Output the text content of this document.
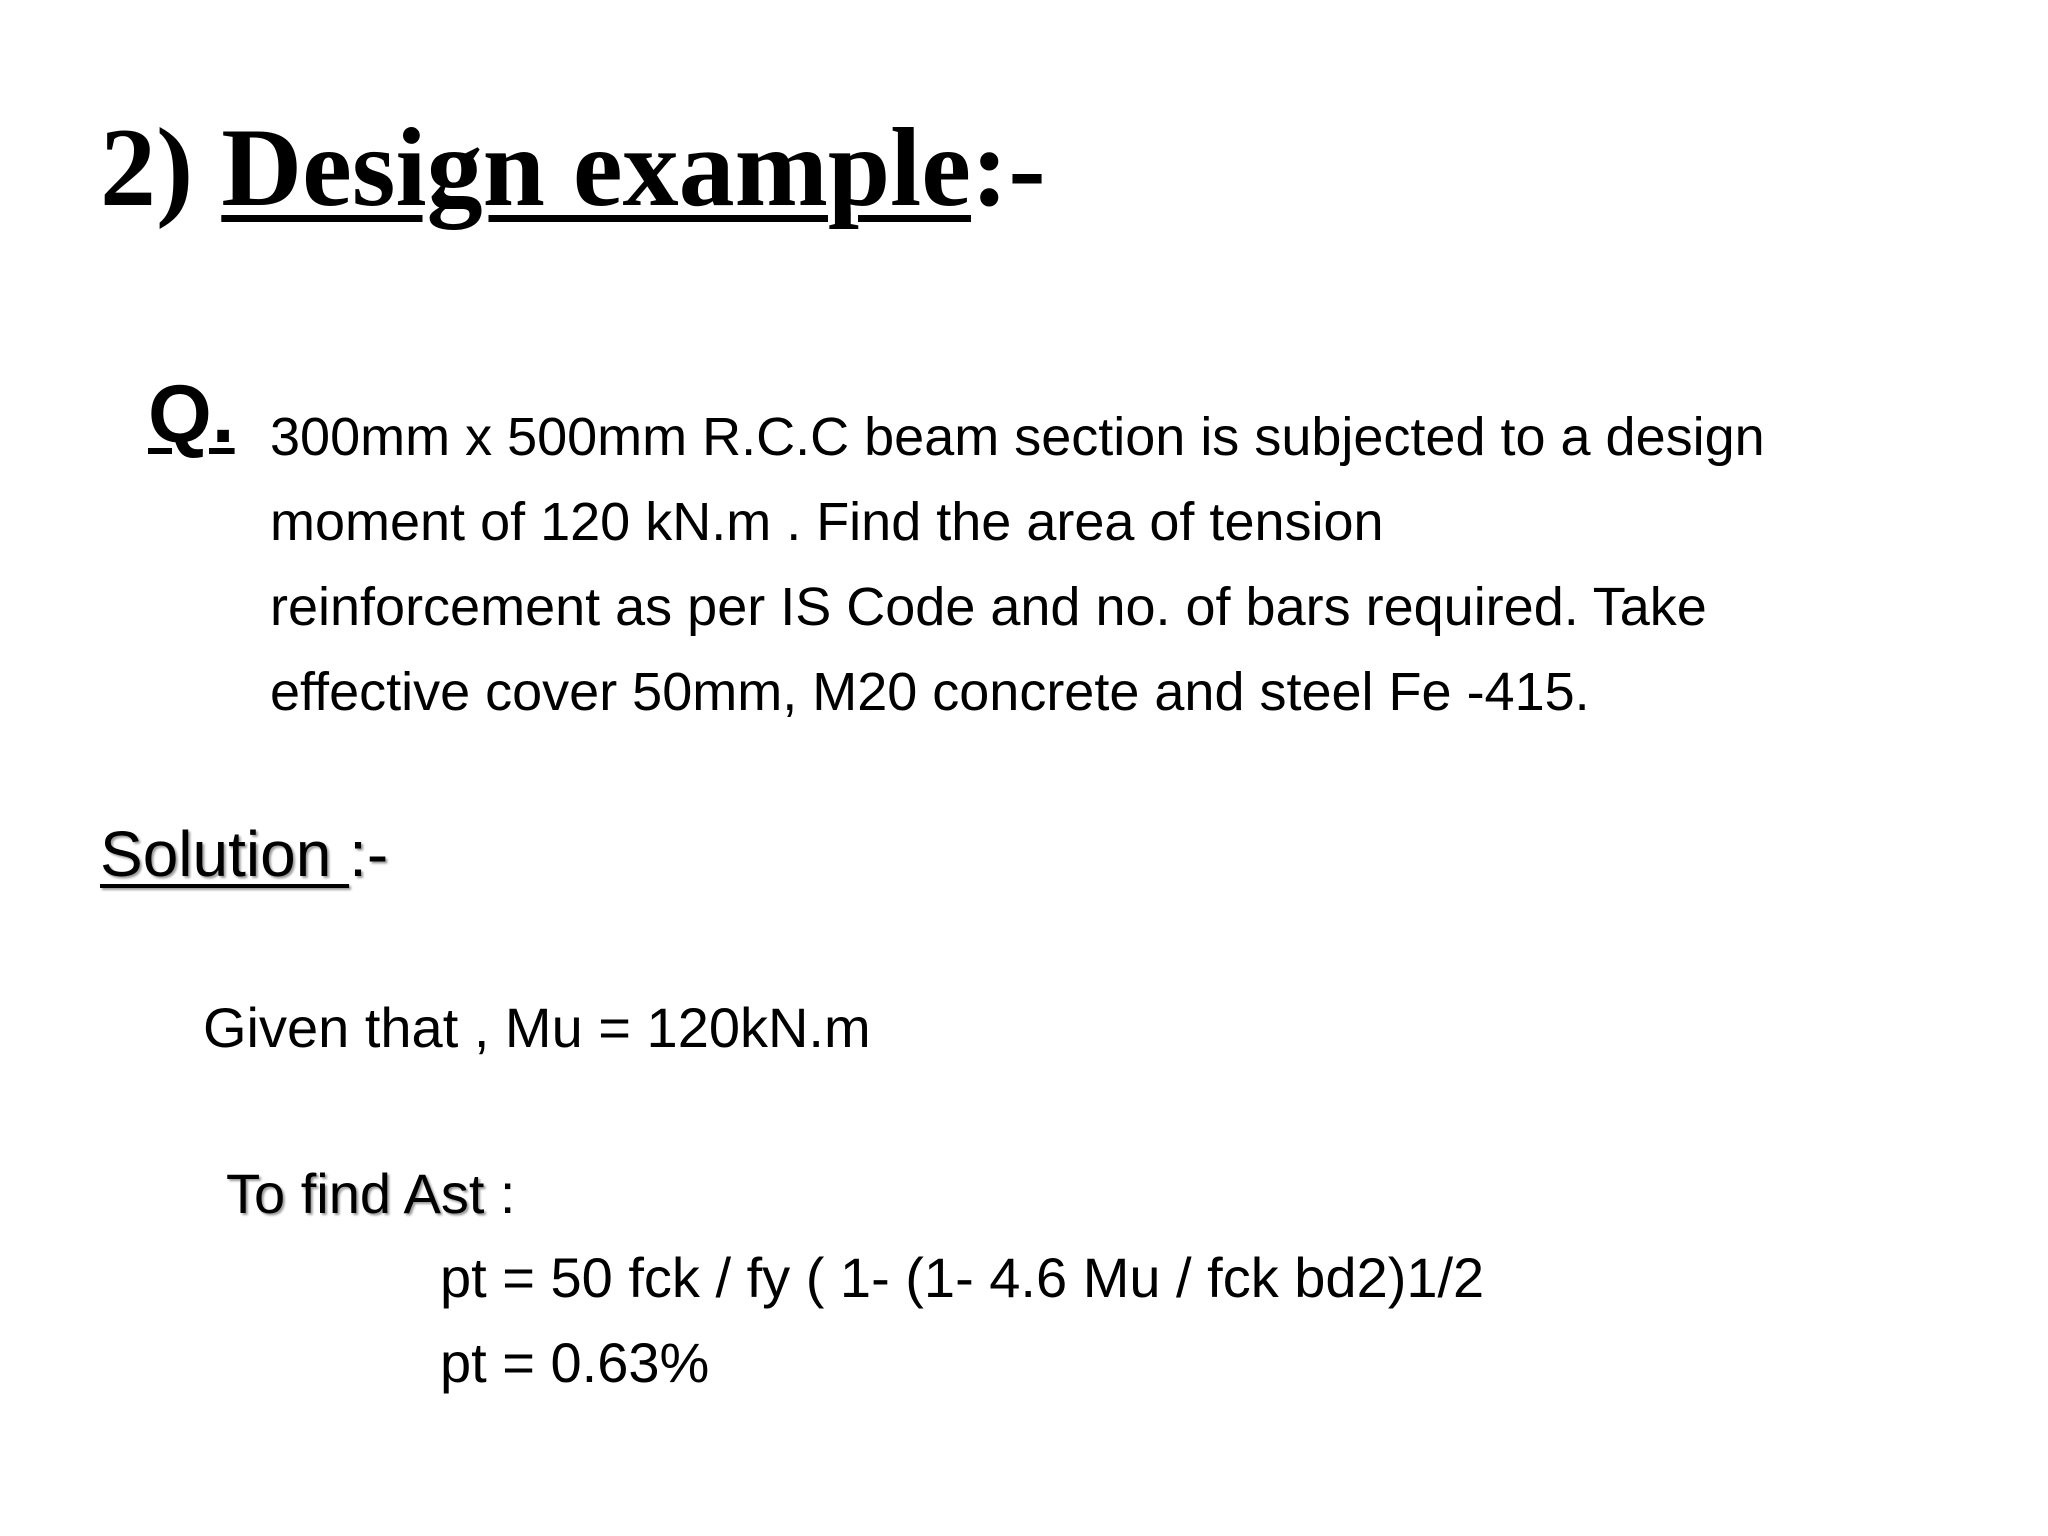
2) Design example:-
Q. 300mm x 500mm R.C.C beam section is subjected to a design
moment of 120 kN.m . Find the area of tension
reinforcement as per IS Code and no. of bars required. Take
effective cover 50mm, M20 concrete and steel Fe -415.
Solution :-
Given that , Mu = 120kN.m
To find Ast :
pt = 50 fck / fy ( 1- (1- 4.6 Mu / fck bd2)1/2
pt = 0.63%
